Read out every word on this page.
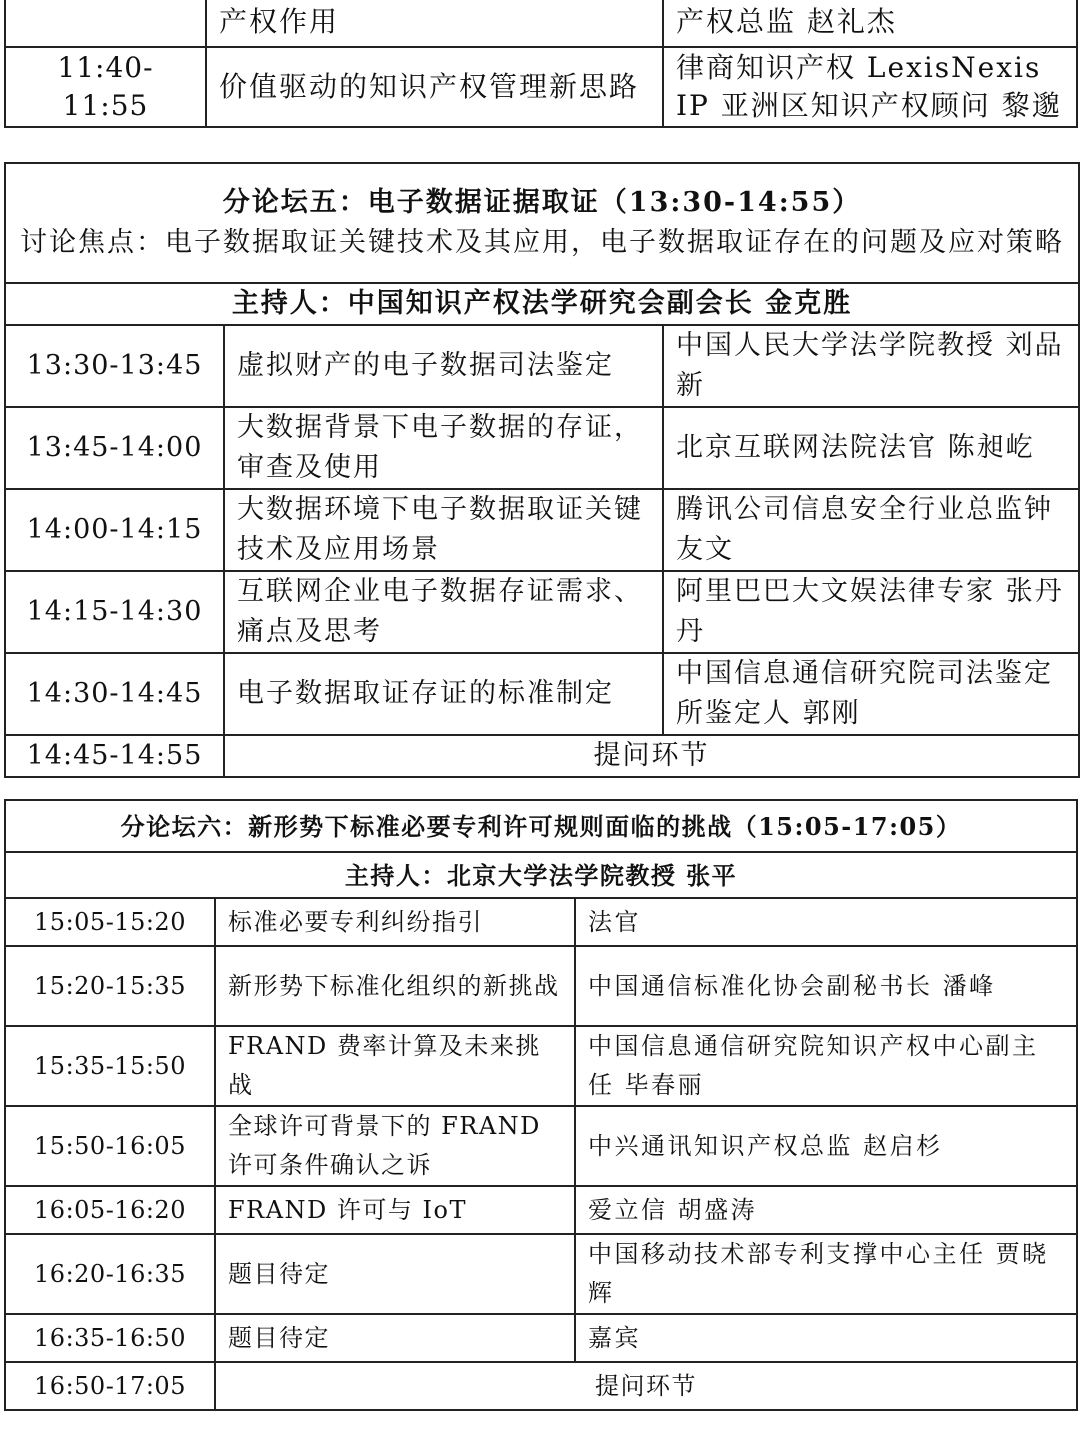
	产权作用	产权总监 赵礼杰
11:40-11:55	价值驱动的知识产权管理新思路	律商知识产权 LexisNexis IP 亚洲区知识产权顾问 黎邈
分论坛五：电子数据证据取证（13:30-14:55）
讨论焦点：电子数据取证关键技术及其应用，电子数据取证存在的问题及应对策略		

主持人：中国知识产权法学研究会副会长 金克胜		
13:30-13:45	虚拟财产的电子数据司法鉴定	中国人民大学法学院教授 刘品新
13:45-14:00	大数据背景下电子数据的存证，审查及使用	北京互联网法院法官 陈昶屹
14:00-14:15	大数据环境下电子数据取证关键技术及应用场景	腾讯公司信息安全行业总监钟友文
14:15-14:30	互联网企业电子数据存证需求、痛点及思考	阿里巴巴大文娱法律专家 张丹丹
14:30-14:45	电子数据取证存证的标准制定	中国信息通信研究院司法鉴定所鉴定人 郭刚
14:45-14:55	提问环节	
分论坛六：新形势下标准必要专利许可规则面临的挑战（15:05-17:05）		
主持人：北京大学法学院教授 张平		
15:05-15:20	标准必要专利纠纷指引	法官
15:20-15:35	新形势下标准化组织的新挑战	中国通信标准化协会副秘书长 潘峰
15:35-15:50	FRAND 费率计算及未来挑战	中国信息通信研究院知识产权中心副主任 毕春丽
15:50-16:05	全球许可背景下的 FRAND 许可条件确认之诉	中兴通讯知识产权总监 赵启杉
16:05-16:20	FRAND 许可与 IoT	爱立信 胡盛涛
16:20-16:35	题目待定	中国移动技术部专利支撑中心主任 贾晓辉
16:35-16:50	题目待定	嘉宾
16:50-17:05	提问环节	
